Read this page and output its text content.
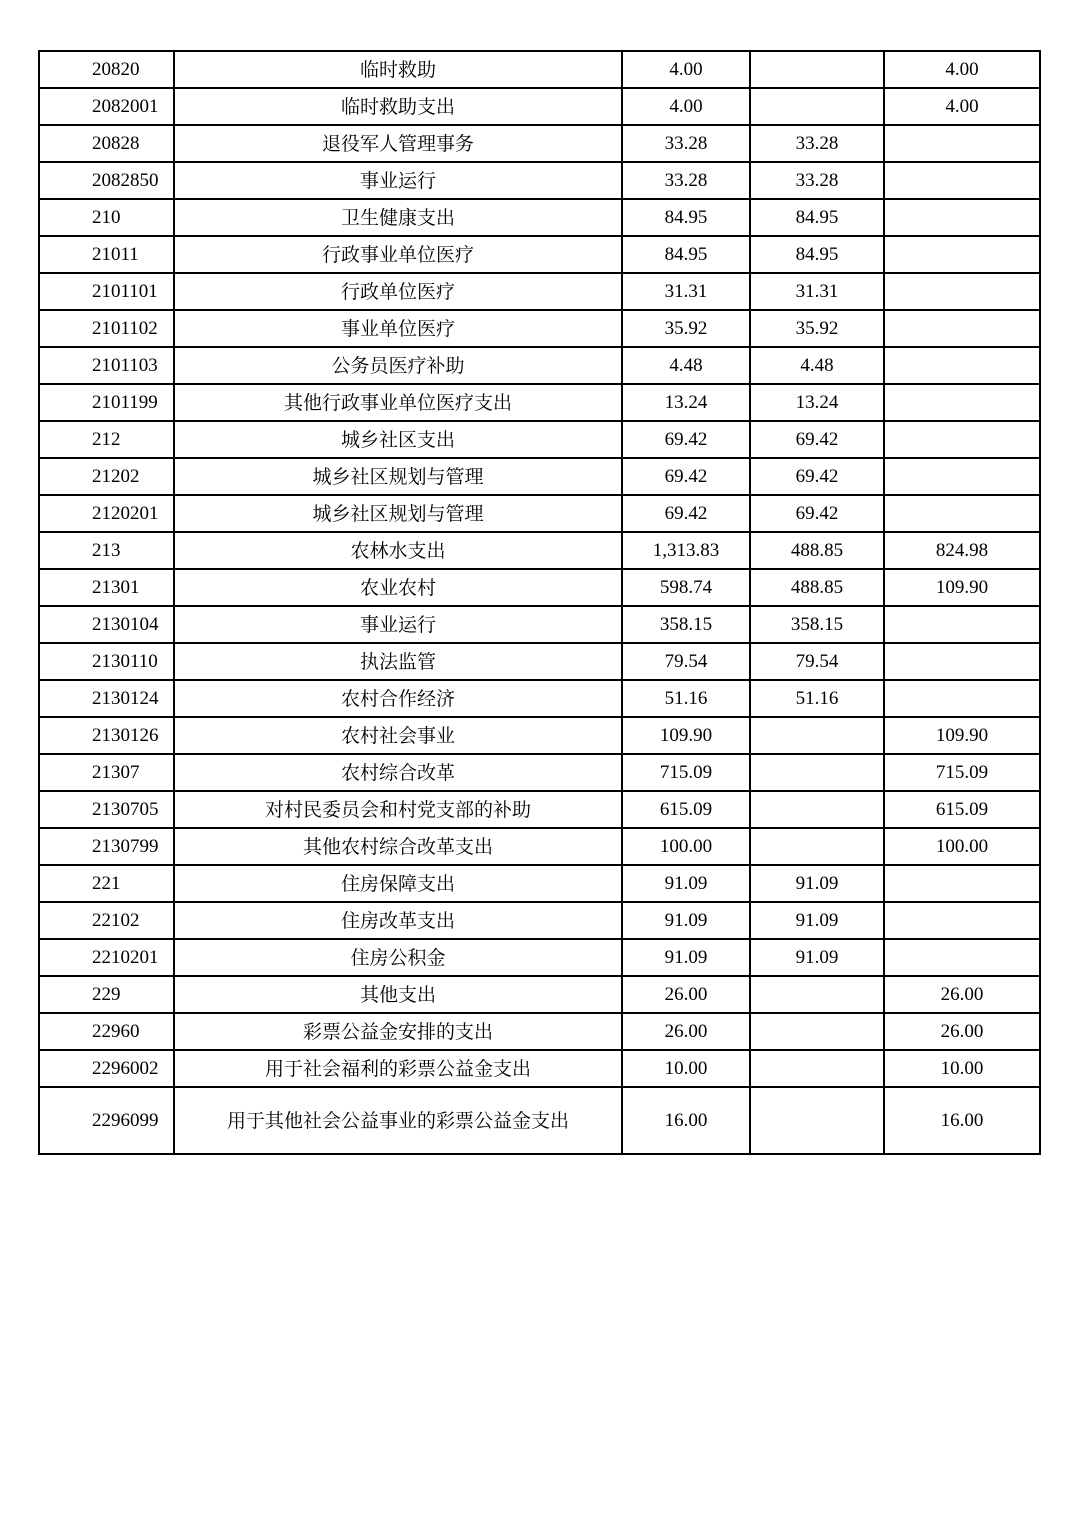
20820	临时救助	4.00		4.00
2082001	临时救助支出	4.00		4.00
20828	退役军人管理事务	33.28	33.28	
2082850	事业运行	33.28	33.28	
210	卫生健康支出	84.95	84.95	
21011	行政事业单位医疗	84.95	84.95	
2101101	行政单位医疗	31.31	31.31	
2101102	事业单位医疗	35.92	35.92	
2101103	公务员医疗补助	4.48	4.48	
2101199	其他行政事业单位医疗支出	13.24	13.24	
212	城乡社区支出	69.42	69.42	
21202	城乡社区规划与管理	69.42	69.42	
2120201	城乡社区规划与管理	69.42	69.42	
213	农林水支出	1,313.83	488.85	824.98
21301	农业农村	598.74	488.85	109.90
2130104	事业运行	358.15	358.15	
2130110	执法监管	79.54	79.54	
2130124	农村合作经济	51.16	51.16	
2130126	农村社会事业	109.90		109.90
21307	农村综合改革	715.09		715.09
2130705	对村民委员会和村党支部的补助	615.09		615.09
2130799	其他农村综合改革支出	100.00		100.00
221	住房保障支出	91.09	91.09	
22102	住房改革支出	91.09	91.09	
2210201	住房公积金	91.09	91.09	
229	其他支出	26.00		26.00
22960	彩票公益金安排的支出	26.00		26.00
2296002	用于社会福利的彩票公益金支出	10.00		10.00
2296099	用于其他社会公益事业的彩票公益金支出	16.00		16.00
